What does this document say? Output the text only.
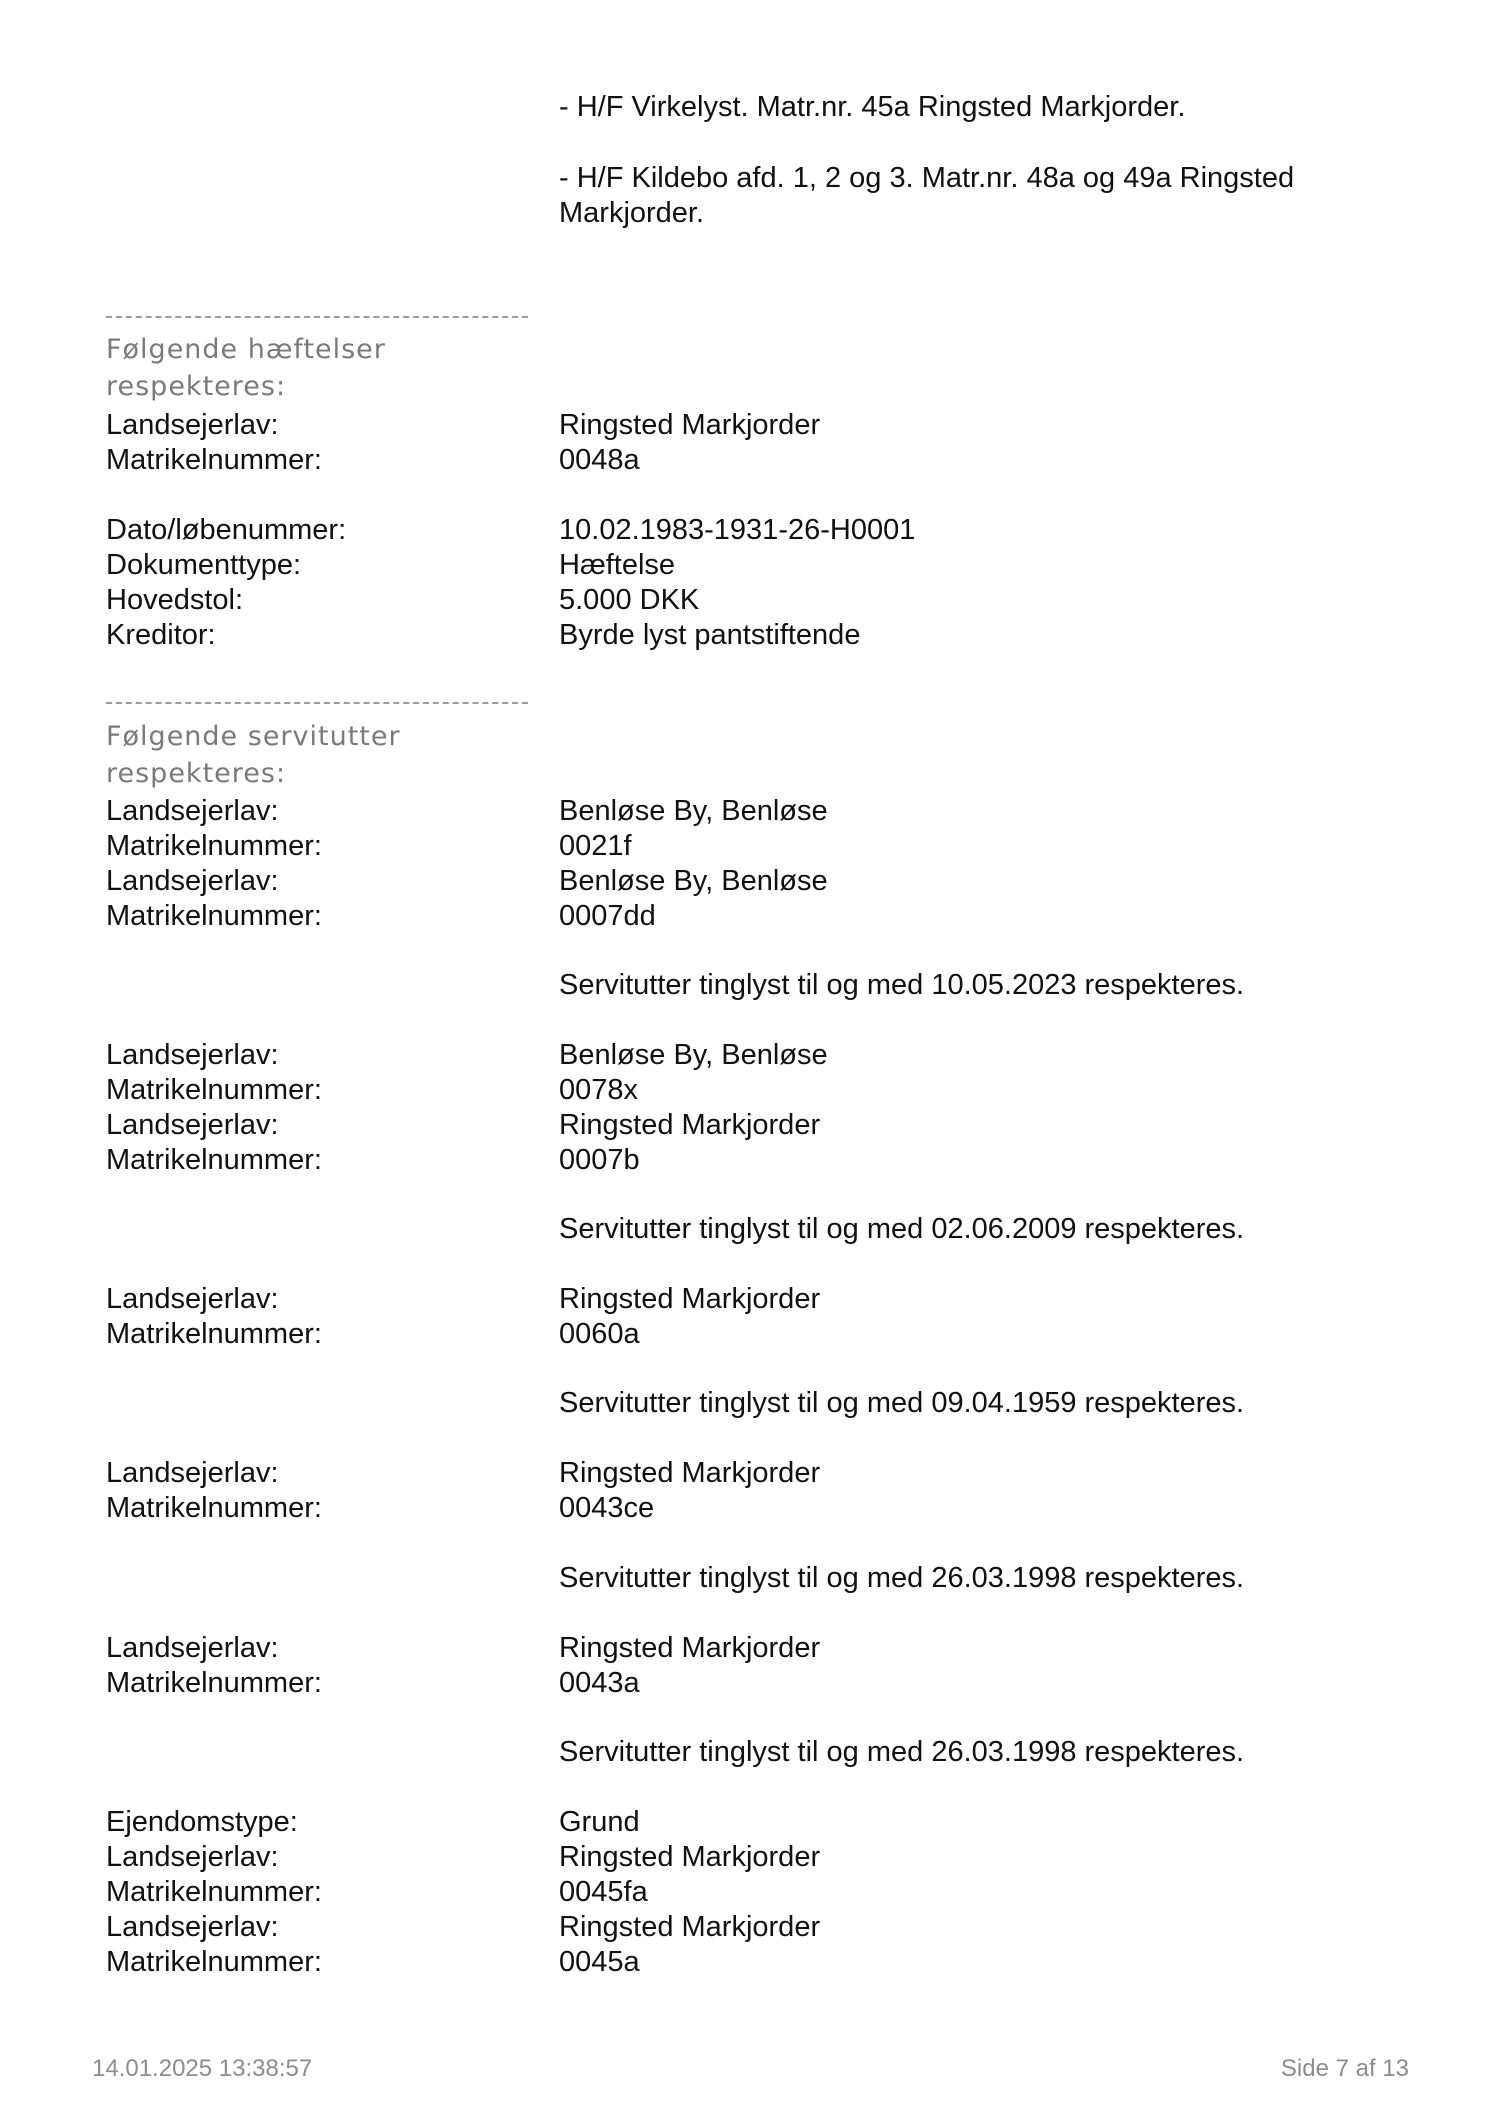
- H/F Virkelyst. Matr.nr. 45a Ringsted Markjorder.
- H/F Kildebo afd. 1, 2 og 3. Matr.nr. 48a og 49a Ringsted
Markjorder.
Følgende hæftelser
respekteres:
Landsejerlav:	Ringsted Markjorder
Matrikelnummer:	0048a
Dato/løbenummer:	10.02.1983-1931-26-H0001
Dokumenttype:	Hæftelse
Hovedstol:	5.000 DKK
Kreditor:	Byrde lyst pantstiftende
Følgende servitutter
respekteres:
Landsejerlav:	Benløse By, Benløse
Matrikelnummer:	0021f
Landsejerlav:	Benløse By, Benløse
Matrikelnummer:	0007dd
Servitutter tinglyst til og med 10.05.2023 respekteres.
Landsejerlav:	Benløse By, Benløse
Matrikelnummer:	0078x
Landsejerlav:	Ringsted Markjorder
Matrikelnummer:	0007b
Servitutter tinglyst til og med 02.06.2009 respekteres.
Landsejerlav:	Ringsted Markjorder
Matrikelnummer:	0060a
Servitutter tinglyst til og med 09.04.1959 respekteres.
Landsejerlav:	Ringsted Markjorder
Matrikelnummer:	0043ce
Servitutter tinglyst til og med 26.03.1998 respekteres.
Landsejerlav:	Ringsted Markjorder
Matrikelnummer:	0043a
Servitutter tinglyst til og med 26.03.1998 respekteres.
Ejendomstype:	Grund
Landsejerlav:	Ringsted Markjorder
Matrikelnummer:	0045fa
Landsejerlav:	Ringsted Markjorder
Matrikelnummer:	0045a
14.01.2025 13:38:57	Side 7 af 13
